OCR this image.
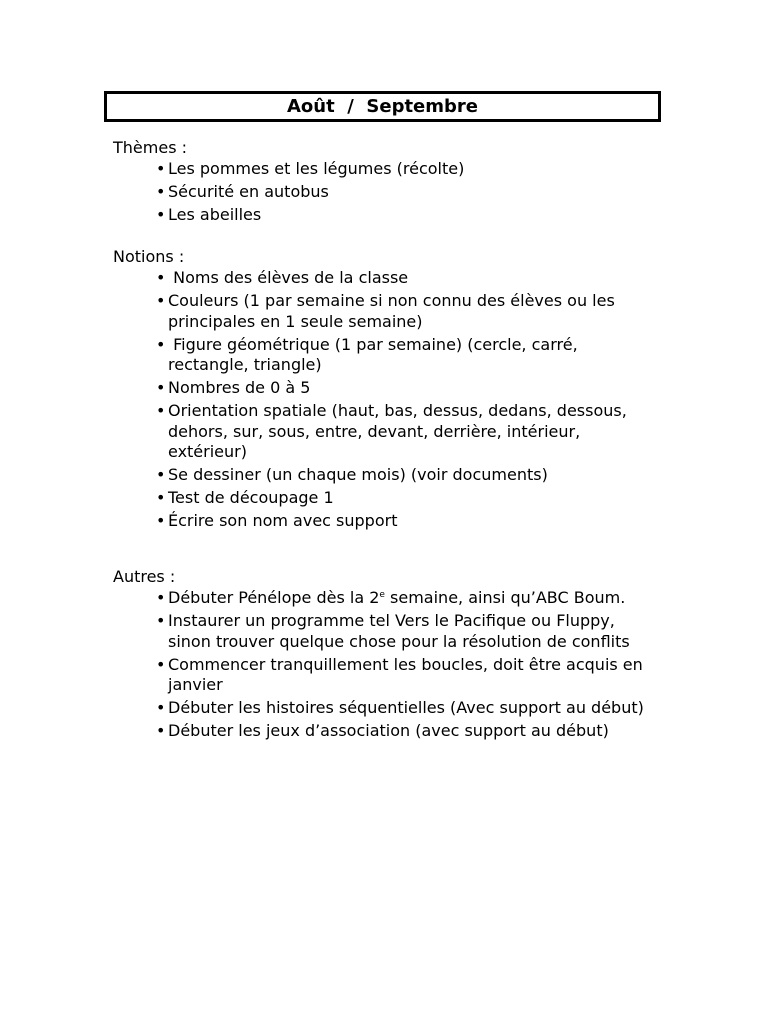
Août
/
Septembre
Thèmes :
• Les pommes et les légumes (récolte)
• Sécurité en autobus
• Les abeilles
Notions :
• Noms des élèves de la classe
• Couleurs (1 par semaine si non connu des élèves ou les principales en 1 seule semaine)
• Figure géométrique (1 par semaine) (cercle, carré, rectangle, triangle)
• Nombres de 0 à 5
• Orientation spatiale (haut, bas, dessus, dedans, dessous, dehors, sur, sous, entre, devant, derrière, intérieur, extérieur)
• Se dessiner (un chaque mois) (voir documents)
• Test de découpage 1
• Écrire son nom avec support
Autres :
• Débuter Pénélope dès la 2e semaine, ainsi qu’ABC Boum.
• Instaurer un programme tel Vers le Pacifique ou Fluppy, sinon trouver quelque chose pour la résolution de conflits
• Commencer tranquillement les boucles, doit être acquis en janvier
• Débuter les histoires séquentielles (Avec support au début)
• Débuter les jeux d’association (avec support au début)
